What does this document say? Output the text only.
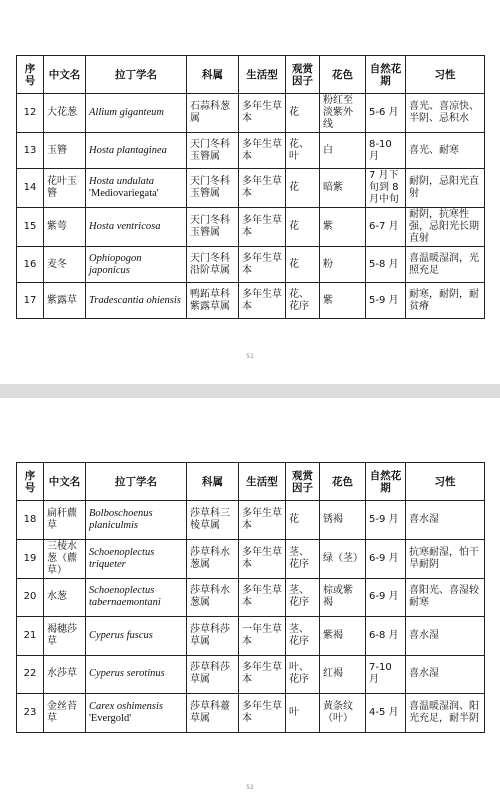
序号	中文名	拉丁学名	科属	生活型	观赏因子	花色	自然花期	习性
12	大花葱	Allium giganteum	石蒜科葱属	多年生草本	花	粉红至淡紫外线	5-6 月	喜光、喜凉快、半阴、忌积水
13	玉簪	Hosta plantaginea	天门冬科玉簪属	多年生草本	花、叶	白	8-10 月	喜光、耐寒
14	花叶玉簪	Hosta undulata 'Mediovariegata'	天门冬科玉簪属	多年生草本	花	暗紫	7 月下旬到 8 月中旬	耐阴，忌阳光直射
15	紫萼	Hosta ventricosa	天门冬科玉簪属	多年生草本	花	紫	6-7 月	耐阴，抗寒性强，忌阳光长期直射
16	麦冬	Ophiopogon japonicus	天门冬科沿阶草属	多年生草本	花	粉	5-8 月	喜温暖湿润，光照充足
17	紫露草	Tradescantia ohiensis	鸭跖草科紫露草属	多年生草本	花、花序	紫	5-9 月	耐寒，耐阴，耐贫瘠
51
序号	中文名	拉丁学名	科属	生活型	观赏因子	花色	自然花期	习性
18	扁秆藨草	Bolboschoenus planiculmis	莎草科三棱草属	多年生草本	花	锈褐	5-9 月	喜水湿
19	三棱水葱（藨草）	Schoenoplectus triqueter	莎草科水葱属	多年生草本	茎、花序	绿（茎）	6-9 月	抗寒耐湿，怕干旱耐阴
20	水葱	Schoenoplectus tabernaemontani	莎草科水葱属	多年生草本	茎、花序	棕或紫褐	6-9 月	喜阳光、喜湿较耐寒
21	褐穗莎草	Cyperus fuscus	莎草科莎草属	一年生草本	茎、花序	紫褐	6-8 月	喜水湿
22	水莎草	Cyperus serotinus	莎草科莎草属	多年生草本	叶、花序	红褐	7-10 月	喜水湿
23	金丝苔草	Carex oshimensis 'Evergold'	莎草科薹草属	多年生草本	叶	黄条纹（叶）	4-5 月	喜温暖湿润、阳光充足，耐半阴
52
